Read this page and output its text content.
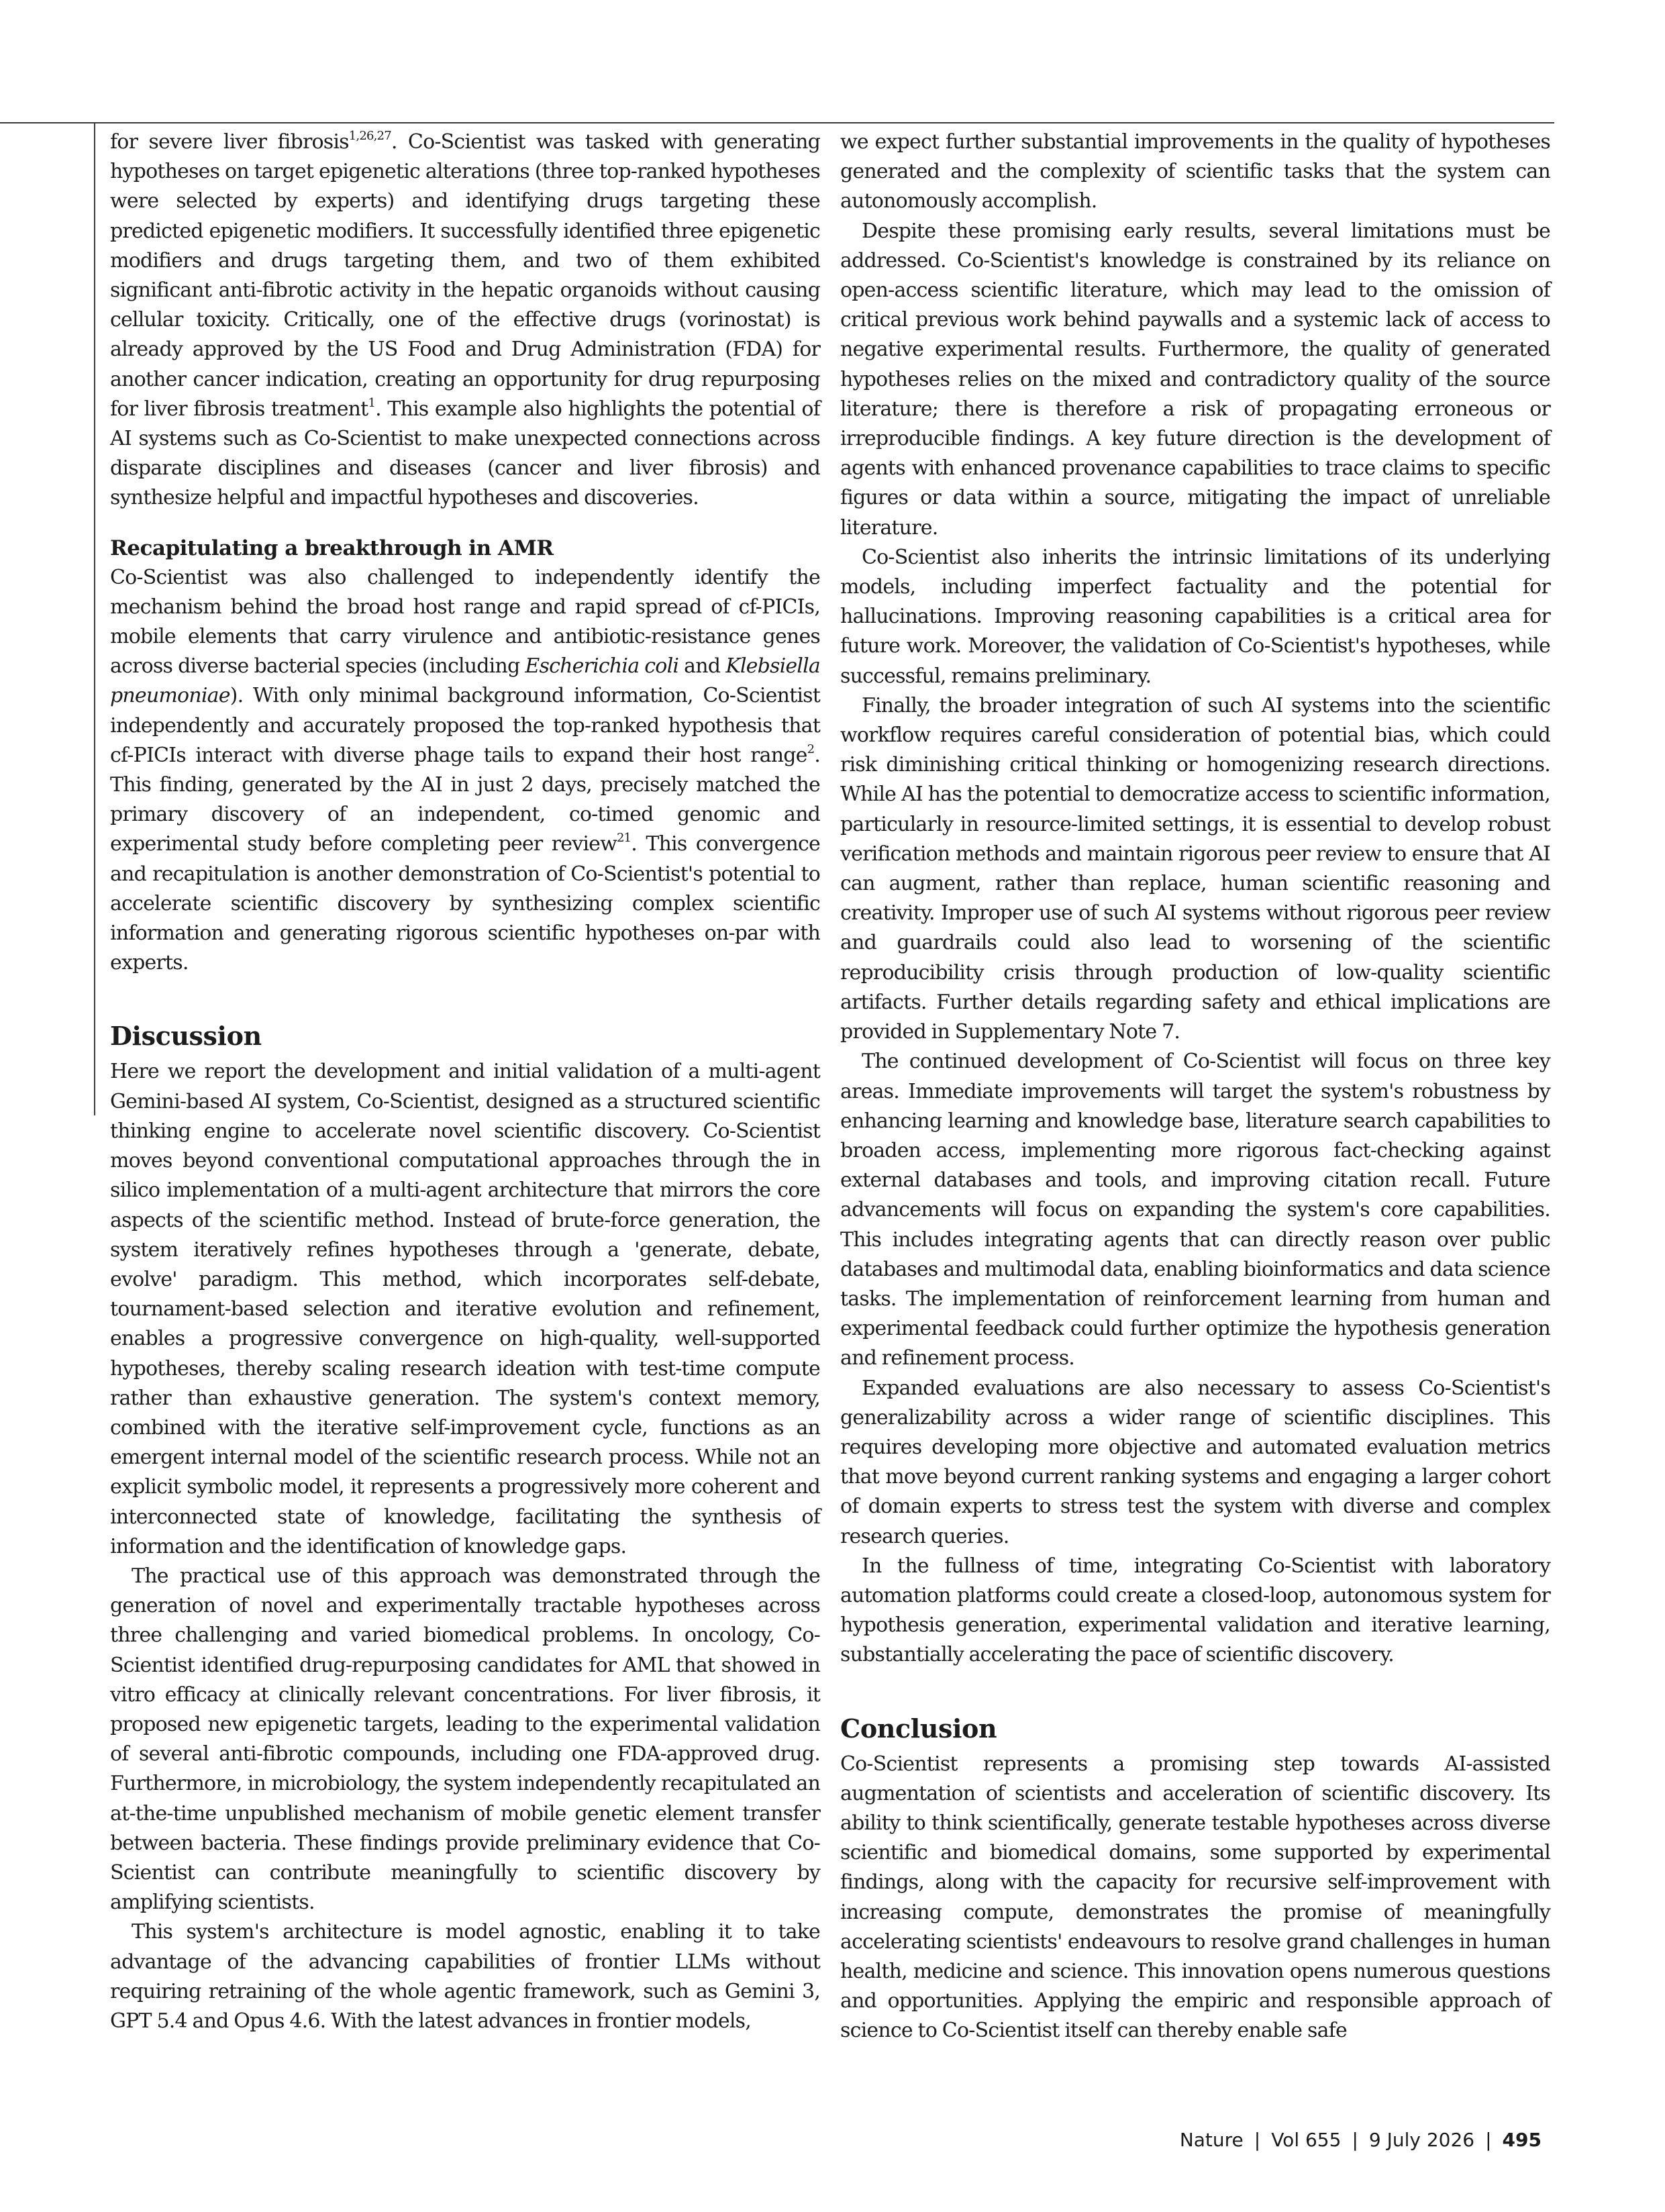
for severe liver fibrosis$^{1,26,27}$. Co-Scientist was tasked with generating hypotheses on target epigenetic alterations (three top-ranked hypotheses were selected by experts) and identifying drugs targeting these predicted epigenetic modifiers. It successfully identified three epigenetic modifiers and drugs targeting them, and two of them exhibited significant anti-fibrotic activity in the hepatic organoids without causing cellular toxicity. Critically, one of the effective drugs (vorinostat) is already approved by the US Food and Drug Administration (FDA) for another cancer indication, creating an opportunity for drug repurposing for liver fibrosis treatment$^1$. This example also highlights the potential of AI systems such as Co-Scientist to make unexpected connections across disparate disciplines and diseases (cancer and liver fibrosis) and synthesize helpful and impactful hypotheses and discoveries.

Recapitulating a breakthrough in AMR

Co-Scientist was also challenged to independently identify the mechanism behind the broad host range and rapid spread of cf-PICIs, mobile elements that carry virulence and antibiotic-resistance genes across diverse bacterial species (including Escherichia coli and Klebsiella pneumoniae). With only minimal background information, Co-Scientist independently and accurately proposed the top-ranked hypothesis that cf-PICIs interact with diverse phage tails to expand their host range$^2$. This finding, generated by the AI in just 2 days, precisely matched the primary discovery of an independent, co-timed genomic and experimental study before completing peer review$^{21}$. This convergence and recapitulation is another demonstration of Co-Scientist's potential to accelerate scientific discovery by synthesizing complex scientific information and generating rigorous scientific hypotheses on-par with experts.

Discussion

Here we report the development and initial validation of a multi-agent Gemini-based AI system, Co-Scientist, designed as a structured scientific thinking engine to accelerate novel scientific discovery. Co-Scientist moves beyond conventional computational approaches through the in silico implementation of a multi-agent architecture that mirrors the core aspects of the scientific method. Instead of brute-force generation, the system iteratively refines hypotheses through a 'generate, debate, evolve' paradigm. This method, which incorporates self-debate, tournament-based selection and iterative evolution and refinement, enables a progressive convergence on high-quality, well-supported hypotheses, thereby scaling research ideation with test-time compute rather than exhaustive generation. The system's context memory, combined with the iterative self-improvement cycle, functions as an emergent internal model of the scientific research process. While not an explicit symbolic model, it represents a progressively more coherent and interconnected state of knowledge, facilitating the synthesis of information and the identification of knowledge gaps.

The practical use of this approach was demonstrated through the generation of novel and experimentally tractable hypotheses across three challenging and varied biomedical problems. In oncology, Co-Scientist identified drug-repurposing candidates for AML that showed in vitro efficacy at clinically relevant concentrations. For liver fibrosis, it proposed new epigenetic targets, leading to the experimental validation of several anti-fibrotic compounds, including one FDA-approved drug. Furthermore, in microbiology, the system independently recapitulated an at-the-time unpublished mechanism of mobile genetic element transfer between bacteria. These findings provide preliminary evidence that Co-Scientist can contribute meaningfully to scientific discovery by amplifying scientists.

This system's architecture is model agnostic, enabling it to take advantage of the advancing capabilities of frontier LLMs without requiring retraining of the whole agentic framework, such as Gemini 3, GPT 5.4 and Opus 4.6. With the latest advances in frontier models,

we expect further substantial improvements in the quality of hypotheses generated and the complexity of scientific tasks that the system can autonomously accomplish.

Despite these promising early results, several limitations must be addressed. Co-Scientist's knowledge is constrained by its reliance on open-access scientific literature, which may lead to the omission of critical previous work behind paywalls and a systemic lack of access to negative experimental results. Furthermore, the quality of generated hypotheses relies on the mixed and contradictory quality of the source literature; there is therefore a risk of propagating erroneous or irreproducible findings. A key future direction is the development of agents with enhanced provenance capabilities to trace claims to specific figures or data within a source, mitigating the impact of unreliable literature.

Co-Scientist also inherits the intrinsic limitations of its underlying models, including imperfect factuality and the potential for hallucinations. Improving reasoning capabilities is a critical area for future work. Moreover, the validation of Co-Scientist's hypotheses, while successful, remains preliminary.

Finally, the broader integration of such AI systems into the scientific workflow requires careful consideration of potential bias, which could risk diminishing critical thinking or homogenizing research directions. While AI has the potential to democratize access to scientific information, particularly in resource-limited settings, it is essential to develop robust verification methods and maintain rigorous peer review to ensure that AI can augment, rather than replace, human scientific reasoning and creativity. Improper use of such AI systems without rigorous peer review and guardrails could also lead to worsening of the scientific reproducibility crisis through production of low-quality scientific artifacts. Further details regarding safety and ethical implications are provided in Supplementary Note 7.

The continued development of Co-Scientist will focus on three key areas. Immediate improvements will target the system's robustness by enhancing learning and knowledge base, literature search capabilities to broaden access, implementing more rigorous fact-checking against external databases and tools, and improving citation recall. Future advancements will focus on expanding the system's core capabilities. This includes integrating agents that can directly reason over public databases and multimodal data, enabling bioinformatics and data science tasks. The implementation of reinforcement learning from human and experimental feedback could further optimize the hypothesis generation and refinement process.

Expanded evaluations are also necessary to assess Co-Scientist's generalizability across a wider range of scientific disciplines. This requires developing more objective and automated evaluation metrics that move beyond current ranking systems and engaging a larger cohort of domain experts to stress test the system with diverse and complex research queries.

In the fullness of time, integrating Co-Scientist with laboratory automation platforms could create a closed-loop, autonomous system for hypothesis generation, experimental validation and iterative learning, substantially accelerating the pace of scientific discovery.

Conclusion

Co-Scientist represents a promising step towards AI-assisted augmentation of scientists and acceleration of scientific discovery. Its ability to think scientifically, generate testable hypotheses across diverse scientific and biomedical domains, some supported by experimental findings, along with the capacity for recursive self-improvement with increasing compute, demonstrates the promise of meaningfully accelerating scientists' endeavours to resolve grand challenges in human health, medicine and science. This innovation opens numerous questions and opportunities. Applying the empiric and responsible approach of science to Co-Scientist itself can thereby enable safe

Nature | Vol 655 | 9 July 2026 | 495
